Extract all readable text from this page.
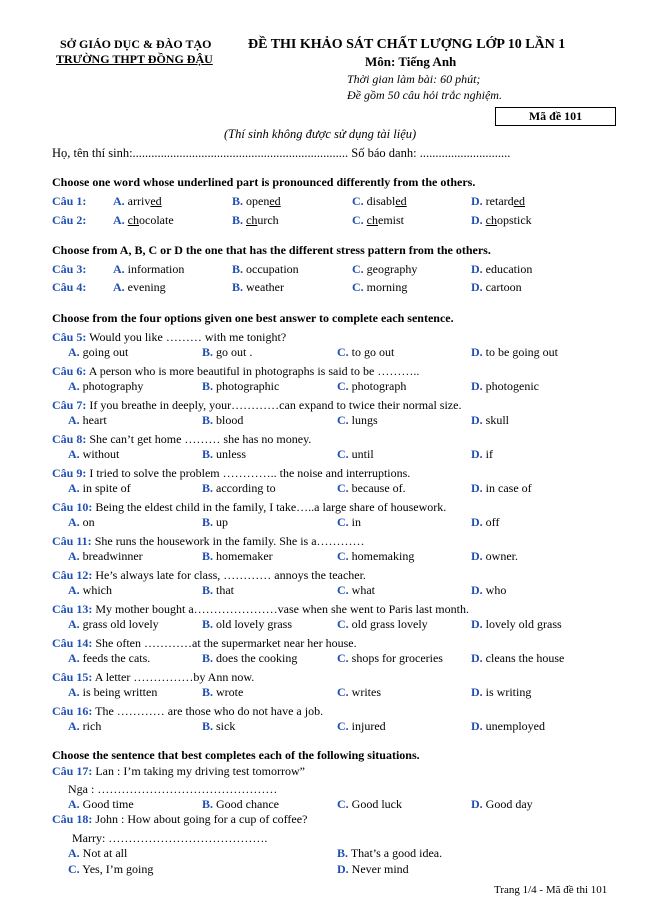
SỞ GIÁO DỤC & ĐÀO TẠO
TRƯỜNG THPT ĐỒNG ĐẬU
ĐỀ THI KHẢO SÁT CHẤT LƯỢNG LỚP 10 LẦN 1
Môn: Tiếng Anh
Thời gian làm bài: 60 phút;
Đề gồm 50 câu hỏi trắc nghiệm.
Mã đề 101
(Thí sinh không được sử dụng tài liệu)
Họ, tên thí sinh:..................................................................... Số báo danh: .............................
Choose one word whose underlined part is pronounced differently from the others.
Câu 1: A. arrived	B. opened	C. disabled	D. retarded
Câu 2: A. chocolate	B. church	C. chemist	D. chopstick
Choose from A, B, C or D the one that has the different stress pattern from the others.
Câu 3: A. information	B. occupation	C. geography	D. education
Câu 4: A. evening	B. weather	C. morning	D. cartoon
Choose from the four options given one best answer to complete each sentence.
Câu 5: Would you like ……… with me tonight?
A. going out	B. go out .	C. to go out	D. to be going out
Câu 6: A person who is more beautiful in photographs is said to be ………..
A. photography	B. photographic	C. photograph	D. photogenic
Câu 7: If you breathe in deeply, your…………can expand to twice their normal size.
A. heart	B. blood	C. lungs	D. skull
Câu 8: She can’t get home ……… she has no money.
A. without	B. unless	C. until	D. if
Câu 9: I tried to solve the problem ………….. the noise and interruptions.
A. in spite of	B. according to	C. because of.	D. in case of
Câu 10: Being the eldest child in the family, I take…..a large share of housework.
A. on	B. up	C. in	D. off
Câu 11: She runs the housework in the family. She is a…………
A. breadwinner	B. homemaker	C. homemaking	D. owner.
Câu 12: He’s always late for class, ………… annoys the teacher.
A. which	B. that	C. what	D. who
Câu 13: My mother bought a…………………vase when she went to Paris last month.
A. grass old lovely	B. old lovely grass	C. old grass lovely	D. lovely old grass
Câu 14: She often …………at the supermarket near her house.
A. feeds the cats.	B. does the cooking	C. shops for groceries D. cleans the house
Câu 15: A letter ……………by Ann now.
A. is being written	B. wrote	C. writes	D. is writing
Câu 16: The ………… are those who do not have a job.
A. rich	B. sick	C. injured	D. unemployed
Choose the sentence that best completes each of the following situations.
Câu 17: Lan : I’m taking my driving test tomorrow”
Nga : ………………………………………
A. Good time	B. Good chance	C. Good luck	D. Good day
Câu 18: John : How about going for a cup of coffee?
Marry: ………………………………….
A. Not at all	B. That’s a good idea.
C. Yes, I’m going	D. Never mind
Trang 1/4 - Mã đề thi 101
